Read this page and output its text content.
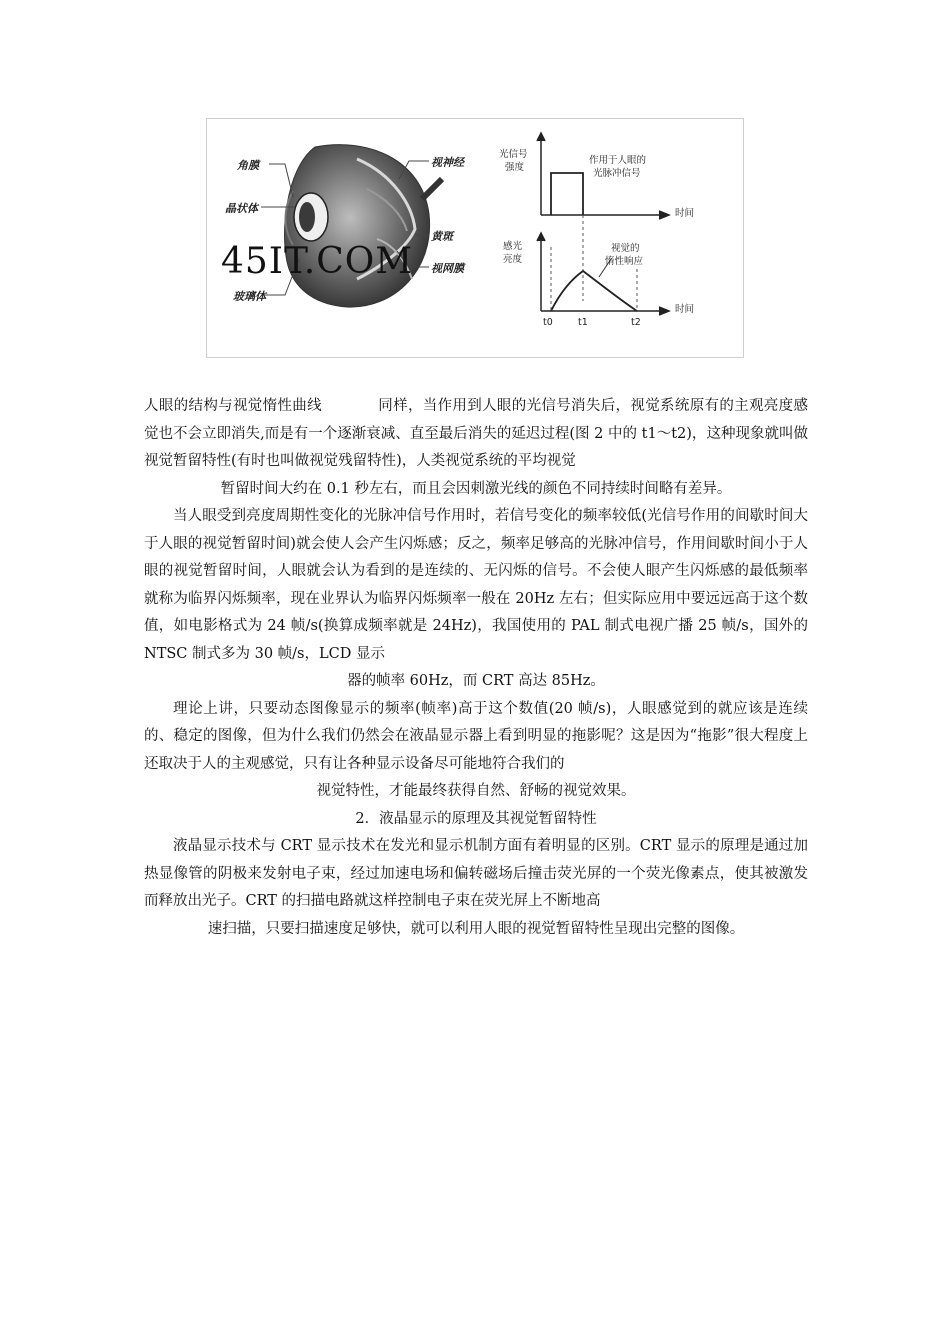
角膜
晶状体
玻璃体
视神经
黄斑
视网膜
45IT.COM
光信号
强度
作用于人眼的
光脉冲信号
时间
感光
亮度
视觉的
惰性响应
时间
t0	t1	t2

人眼的结构与视觉惰性曲线	同样，当作用到人眼的光信号消失后，视觉系统原有的主观亮度感觉也不会立即消失,而是有一个逐渐衰减、直至最后消失的延迟过程(图 2 中的 t1～t2)，这种现象就叫做视觉暂留特性(有时也叫做视觉残留特性)，人类视觉系统的平均视觉

暂留时间大约在 0.1 秒左右，而且会因刺激光线的颜色不同持续时间略有差异。

当人眼受到亮度周期性变化的光脉冲信号作用时，若信号变化的频率较低(光信号作用的间歇时间大于人眼的视觉暂留时间)就会使人会产生闪烁感；反之，频率足够高的光脉冲信号，作用间歇时间小于人眼的视觉暂留时间，人眼就会认为看到的是连续的、无闪烁的信号。不会使人眼产生闪烁感的最低频率就称为临界闪烁频率，现在业界认为临界闪烁频率一般在 20Hz 左右；但实际应用中要远远高于这个数值，如电影格式为 24 帧/s(换算成频率就是 24Hz)，我国使用的 PAL 制式电视广播 25 帧/s，国外的 NTSC 制式多为 30 帧/s，LCD 显示

器的帧率 60Hz，而 CRT 高达 85Hz。

理论上讲，只要动态图像显示的频率(帧率)高于这个数值(20 帧/s)，人眼感觉到的就应该是连续的、稳定的图像，但为什么我们仍然会在液晶显示器上看到明显的拖影呢？这是因为“拖影”很大程度上还取决于人的主观感觉，只有让各种显示设备尽可能地符合我们的

视觉特性，才能最终获得自然、舒畅的视觉效果。

2．液晶显示的原理及其视觉暂留特性

液晶显示技术与 CRT 显示技术在发光和显示机制方面有着明显的区别。CRT 显示的原理是通过加热显像管的阴极来发射电子束，经过加速电场和偏转磁场后撞击荧光屏的一个荧光像素点，使其被激发而释放出光子。CRT 的扫描电路就这样控制电子束在荧光屏上不断地高

速扫描，只要扫描速度足够快，就可以利用人眼的视觉暂留特性呈现出完整的图像。
